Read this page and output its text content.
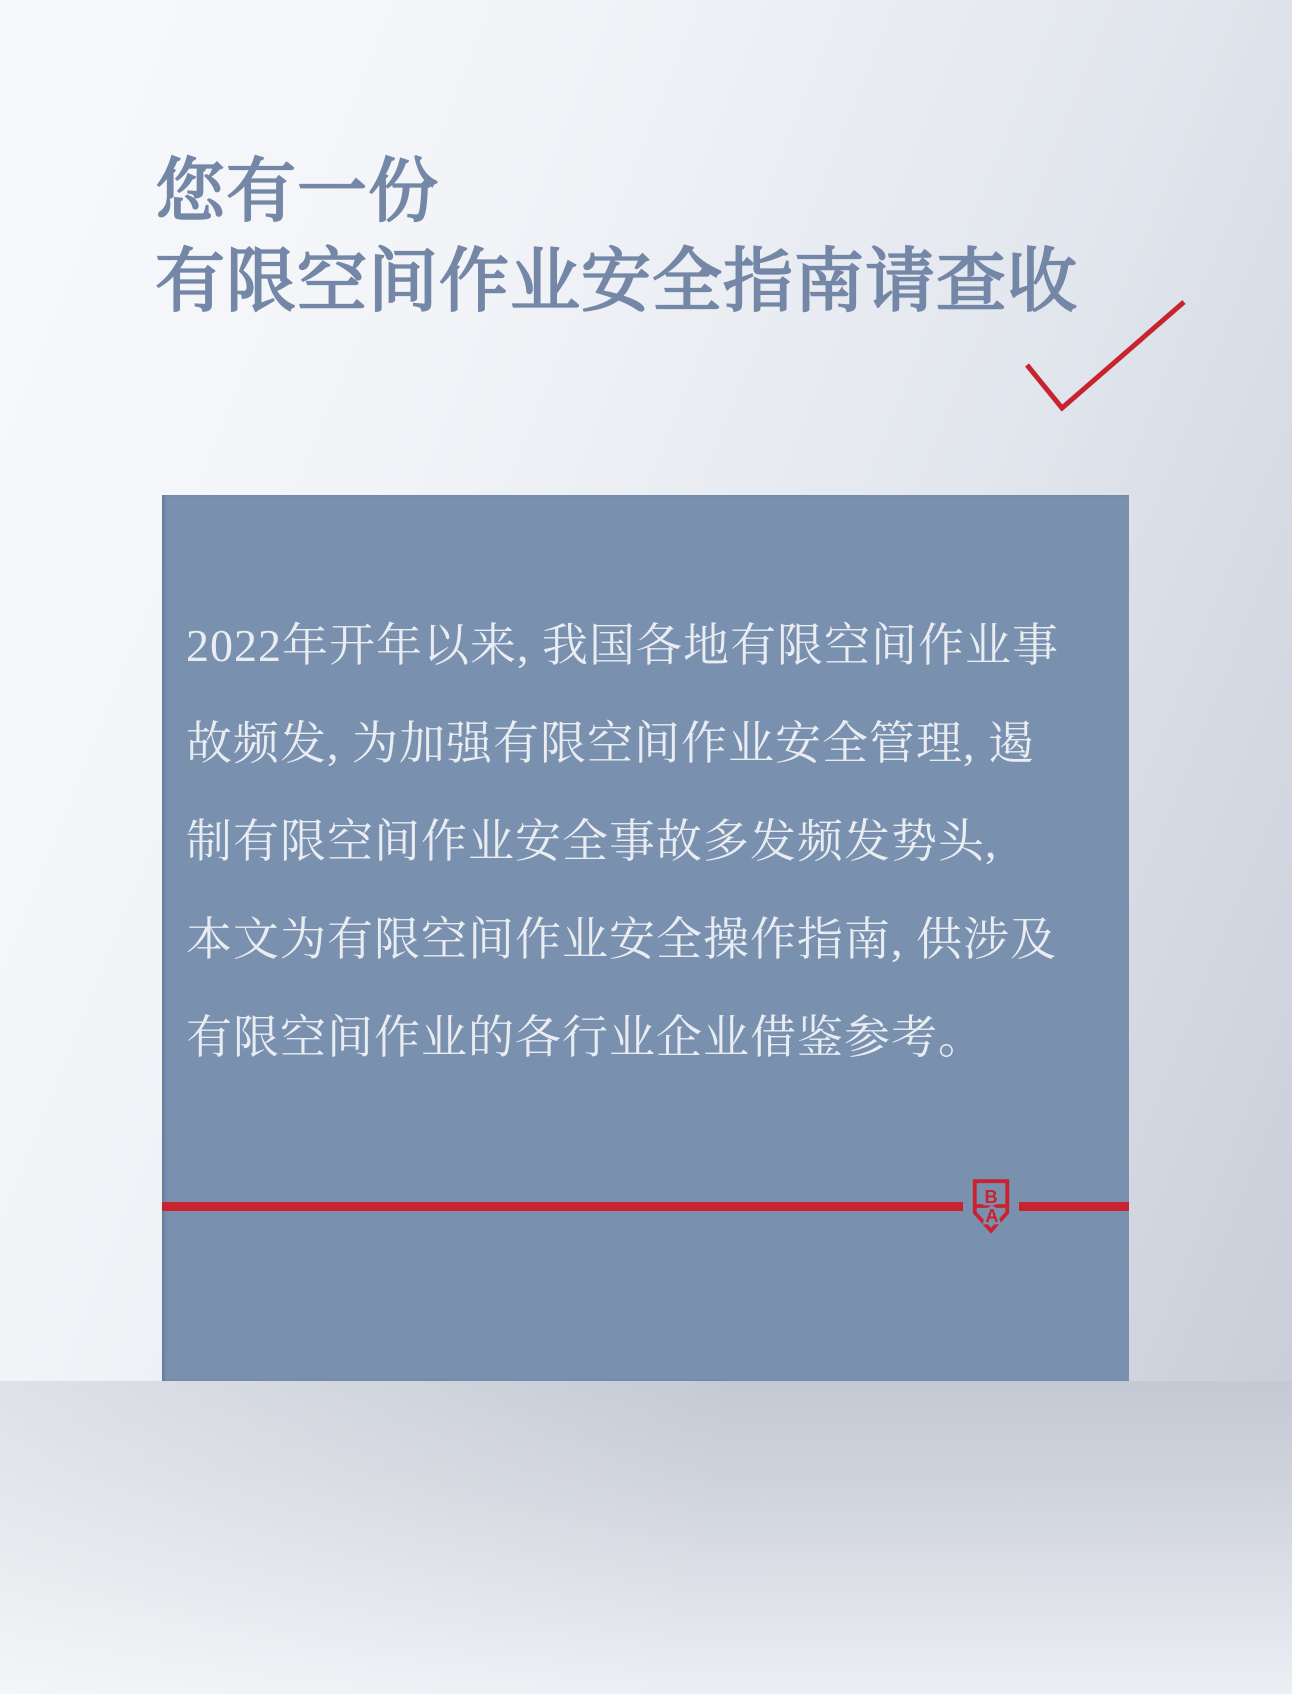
您有一份
有限空间作业安全指南请查收
2022年开年以来, 我国各地有限空间作业事
故频发, 为加强有限空间作业安全管理, 遏
制有限空间作业安全事故多发频发势头,
本文为有限空间作业安全操作指南, 供涉及
有限空间作业的各行业企业借鉴参考。
B
A
